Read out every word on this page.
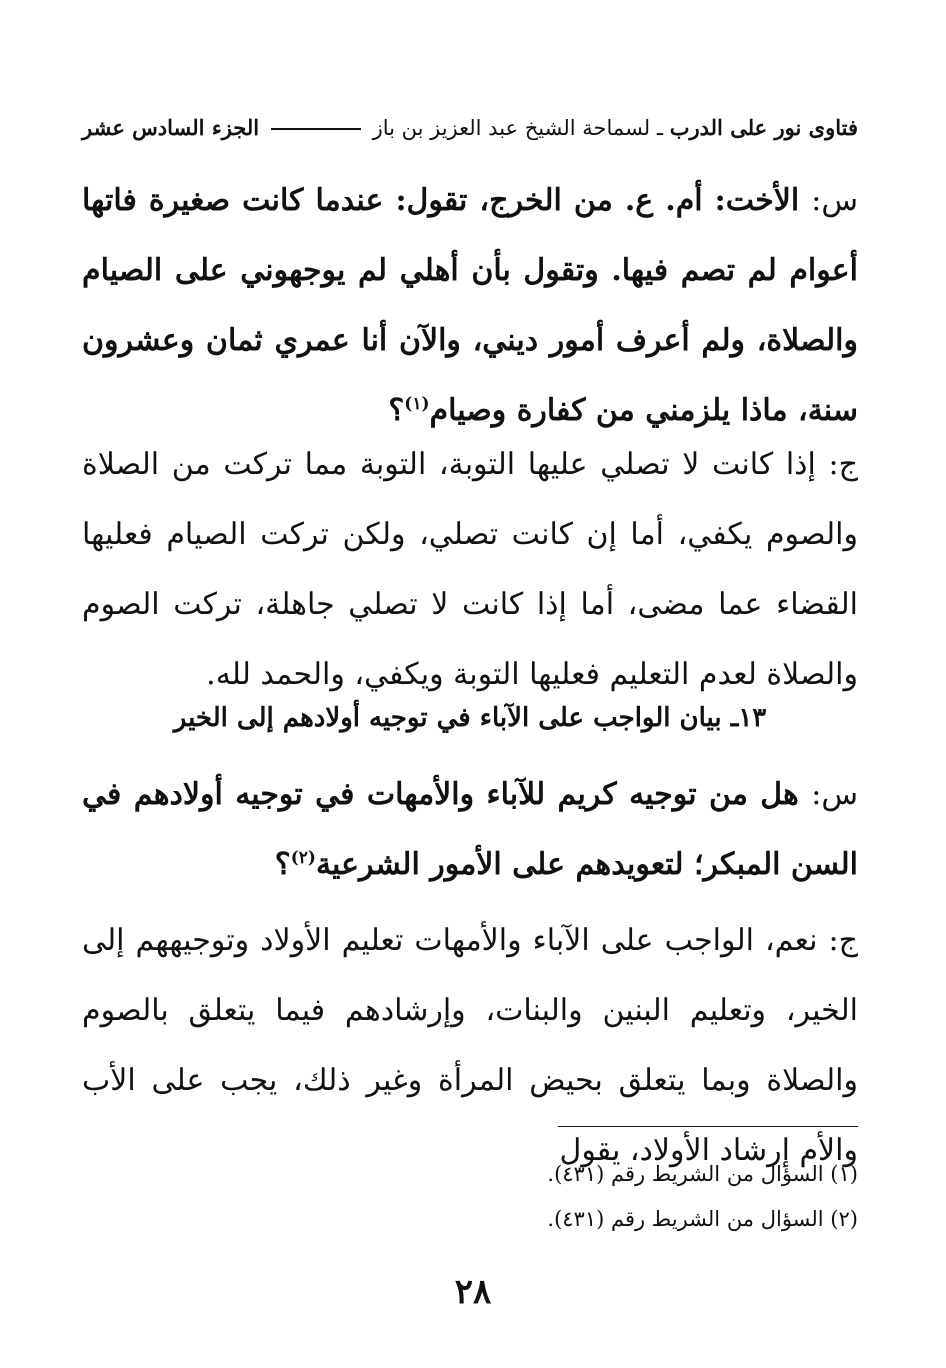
فتاوى نور على الدرب ـ لسماحة الشيخ عبد العزيز بن باز
الجزء السادس عشر

س: الأخت: أم. ع. من الخرج، تقول: عندما كانت صغيرة فاتها أعوام لم تصم فيها. وتقول بأن أهلي لم يوجهوني على الصيام والصلاة، ولم أعرف أمور ديني، والآن أنا عمري ثمان وعشرون سنة، ماذا يلزمني من كفارة وصيام$^{(١)}$؟

ج: إذا كانت لا تصلي عليها التوبة، التوبة مما تركت من الصلاة والصوم يكفي، أما إن كانت تصلي، ولكن تركت الصيام فعليها القضاء عما مضى، أما إذا كانت لا تصلي جاهلة، تركت الصوم والصلاة لعدم التعليم فعليها التوبة ويكفي، والحمد لله.

١٣ـ بيان الواجب على الآباء في توجيه أولادهم إلى الخير

س: هل من توجيه كريم للآباء والأمهات في توجيه أولادهم في السن المبكر؛ لتعويدهم على الأمور الشرعية$^{(٢)}$؟

ج: نعم، الواجب على الآباء والأمهات تعليم الأولاد وتوجيههم إلى الخير، وتعليم البنين والبنات، وإرشادهم فيما يتعلق بالصوم والصلاة وبما يتعلق بحيض المرأة وغير ذلك، يجب على الأب والأم إرشاد الأولاد، يقول

(١) السؤال من الشريط رقم (٤٣١).
(٢) السؤال من الشريط رقم (٤٣١).
٢٨
